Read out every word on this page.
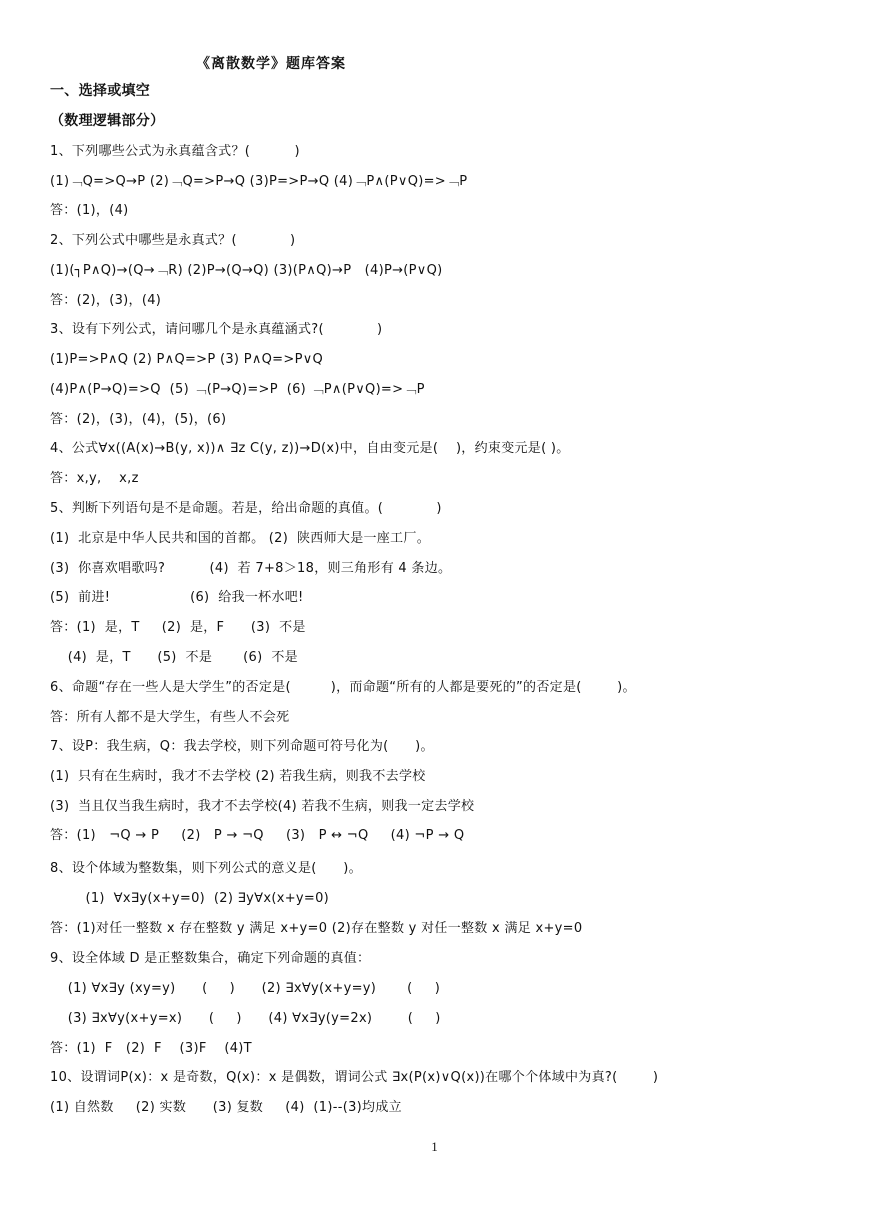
《离散数学》题库答案
一、选择或填空
（数理逻辑部分）
1、下列哪些公式为永真蕴含式？(          )
(1)﹁Q=>Q→P (2)﹁Q=>P→Q (3)P=>P→Q (4)﹁P∧(P∨Q)=>﹁P
答：(1)，(4)
2、下列公式中哪些是永真式？(            )
(1)(┐P∧Q)→(Q→﹁R) (2)P→(Q→Q) (3)(P∧Q)→P   (4)P→(P∨Q)
答：(2)，(3)，(4)
3、设有下列公式，请问哪几个是永真蕴涵式?(            )
(1)P=>P∧Q (2) P∧Q=>P (3) P∧Q=>P∨Q
(4)P∧(P→Q)=>Q  (5) ﹁(P→Q)=>P  (6) ﹁P∧(P∨Q)=>﹁P
答：(2)，(3)，(4)，(5)，(6)
4、公式∀x((A(x)→B(y, x))∧ ∃z C(y, z))→D(x)中，自由变元是(    )，约束变元是( )。
答：x,y,    x,z
5、判断下列语句是不是命题。若是，给出命题的真值。(            )
(1)  北京是中华人民共和国的首都。 (2)  陕西师大是一座工厂。
(3)  你喜欢唱歌吗?          (4)  若 7+8＞18，则三角形有 4 条边。
(5)  前进!                  (6)  给我一杯水吧!
答：(1)  是，T     (2)  是，F      (3)  不是
(4)  是，T      (5)  不是       (6)  不是
6、命题“存在一些人是大学生”的否定是(         )，而命题“所有的人都是要死的”的否定是(        )。
答：所有人都不是大学生，有些人不会死
7、设P：我生病，Q：我去学校，则下列命题可符号化为(      )。
(1)  只有在生病时，我才不去学校 (2) 若我生病，则我不去学校
(3)  当且仅当我生病时，我才不去学校(4) 若我不生病，则我一定去学校
答：(1)   ¬Q → P     (2)   P → ¬Q     (3)   P ↔ ¬Q     (4) ¬P → Q
8、设个体域为整数集，则下列公式的意义是(      )。
(1)  ∀x∃y(x+y=0)  (2) ∃y∀x(x+y=0)
答：(1)对任一整数 x 存在整数 y 满足 x+y=0 (2)存在整数 y 对任一整数 x 满足 x+y=0
9、设全体域 D 是正整数集合，确定下列命题的真值：
(1) ∀x∃y (xy=y)      (     )      (2) ∃x∀y(x+y=y)       (     )
(3) ∃x∀y(x+y=x)      (     )      (4) ∀x∃y(y=2x)        (     )
答：(1)  F   (2)  F    (3)F    (4)T
10、设谓词P(x)：x 是奇数，Q(x)：x 是偶数，谓词公式 ∃x(P(x)∨Q(x))在哪个个体域中为真?(        )
(1) 自然数     (2) 实数      (3) 复数     (4)  (1)--(3)均成立
1
